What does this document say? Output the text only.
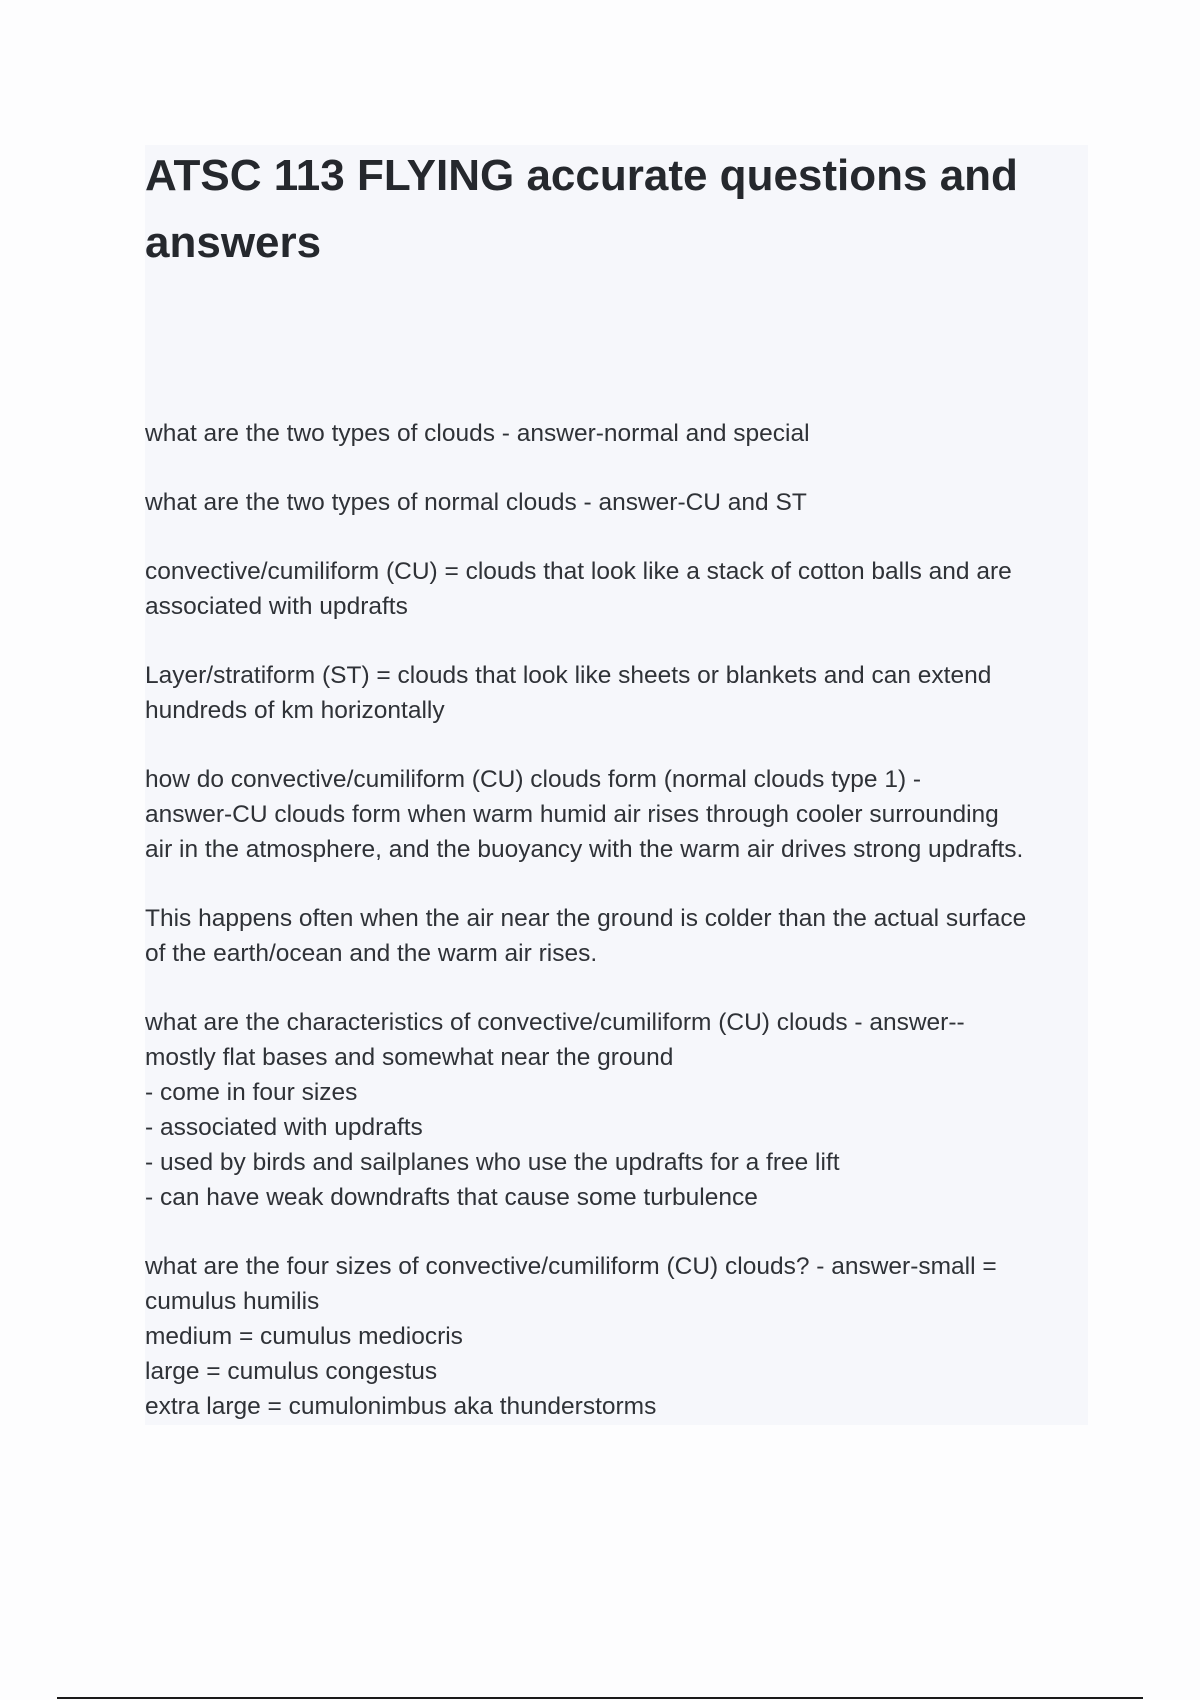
ATSC 113 FLYING accurate questions and answers

what are the two types of clouds - answer-normal and special

what are the two types of normal clouds - answer-CU and ST

convective/cumiliform (CU) = clouds that look like a stack of cotton balls and are
associated with updrafts

Layer/stratiform (ST) = clouds that look like sheets or blankets and can extend
hundreds of km horizontally

how do convective/cumiliform (CU) clouds form (normal clouds type 1) -
answer-CU clouds form when warm humid air rises through cooler surrounding
air in the atmosphere, and the buoyancy with the warm air drives strong updrafts.

This happens often when the air near the ground is colder than the actual surface
of the earth/ocean and the warm air rises.

what are the characteristics of convective/cumiliform (CU) clouds - answer--
mostly flat bases and somewhat near the ground
- come in four sizes
- associated with updrafts
- used by birds and sailplanes who use the updrafts for a free lift
- can have weak downdrafts that cause some turbulence

what are the four sizes of convective/cumiliform (CU) clouds? - answer-small =
cumulus humilis
medium = cumulus mediocris
large = cumulus congestus
extra large = cumulonimbus aka thunderstorms
